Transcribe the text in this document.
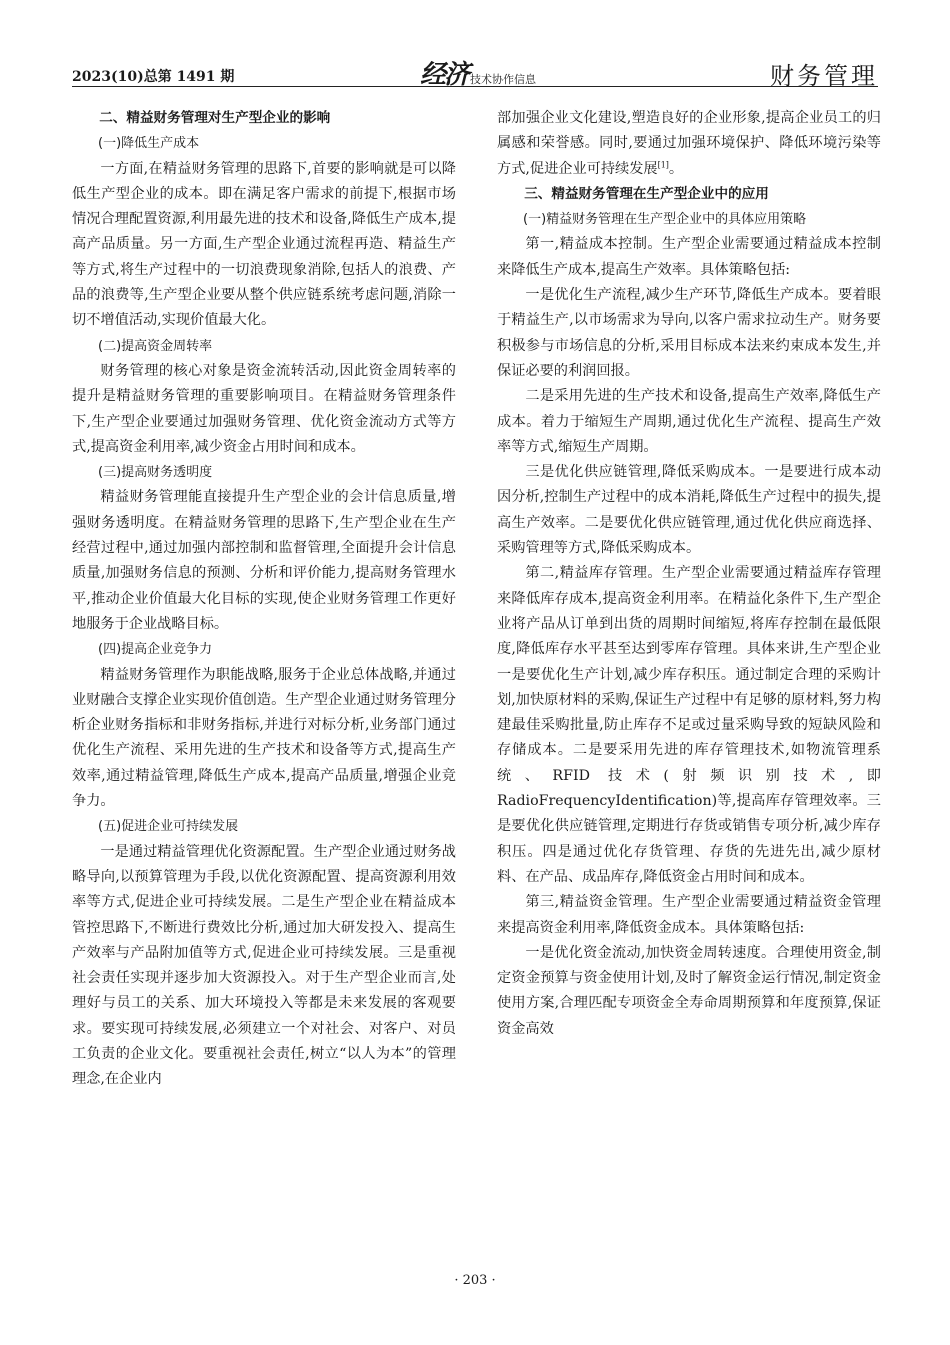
2023(10)总第 1491 期	经济 技术协作信息	财务管理

二、精益财务管理对生产型企业的影响

(一)降低生产成本

一方面,在精益财务管理的思路下,首要的影响就是可以降低生产型企业的成本。即在满足客户需求的前提下,根据市场情况合理配置资源,利用最先进的技术和设备,降低生产成本,提高产品质量。另一方面,生产型企业通过流程再造、精益生产等方式,将生产过程中的一切浪费现象消除,包括人的浪费、产品的浪费等,生产型企业要从整个供应链系统考虑问题,消除一切不增值活动,实现价值最大化。

(二)提高资金周转率

财务管理的核心对象是资金流转活动,因此资金周转率的提升是精益财务管理的重要影响项目。在精益财务管理条件下,生产型企业要通过加强财务管理、优化资金流动方式等方式,提高资金利用率,减少资金占用时间和成本。

(三)提高财务透明度

精益财务管理能直接提升生产型企业的会计信息质量,增强财务透明度。在精益财务管理的思路下,生产型企业在生产经营过程中,通过加强内部控制和监督管理,全面提升会计信息质量,加强财务信息的预测、分析和评价能力,提高财务管理水平,推动企业价值最大化目标的实现,使企业财务管理工作更好地服务于企业战略目标。

(四)提高企业竞争力

精益财务管理作为职能战略,服务于企业总体战略,并通过业财融合支撑企业实现价值创造。生产型企业通过财务管理分析企业财务指标和非财务指标,并进行对标分析,业务部门通过优化生产流程、采用先进的生产技术和设备等方式,提高生产效率,通过精益管理,降低生产成本,提高产品质量,增强企业竞争力。

(五)促进企业可持续发展

一是通过精益管理优化资源配置。生产型企业通过财务战略导向,以预算管理为手段,以优化资源配置、提高资源利用效率等方式,促进企业可持续发展。二是生产型企业在精益成本管控思路下,不断进行费效比分析,通过加大研发投入、提高生产效率与产品附加值等方式,促进企业可持续发展。三是重视社会责任实现并逐步加大资源投入。对于生产型企业而言,处理好与员工的关系、加大环境投入等都是未来发展的客观要求。要实现可持续发展,必须建立一个对社会、对客户、对员工负责的企业文化。要重视社会责任,树立“以人为本”的管理理念,在企业内

部加强企业文化建设,塑造良好的企业形象,提高企业员工的归属感和荣誉感。同时,要通过加强环境保护、降低环境污染等方式,促进企业可持续发展[1]。

三、精益财务管理在生产型企业中的应用

(一)精益财务管理在生产型企业中的具体应用策略

第一,精益成本控制。生产型企业需要通过精益成本控制来降低生产成本,提高生产效率。具体策略包括:

一是优化生产流程,减少生产环节,降低生产成本。要着眼于精益生产,以市场需求为导向,以客户需求拉动生产。财务要积极参与市场信息的分析,采用目标成本法来约束成本发生,并保证必要的利润回报。

二是采用先进的生产技术和设备,提高生产效率,降低生产成本。着力于缩短生产周期,通过优化生产流程、提高生产效率等方式,缩短生产周期。

三是优化供应链管理,降低采购成本。一是要进行成本动因分析,控制生产过程中的成本消耗,降低生产过程中的损失,提高生产效率。二是要优化供应链管理,通过优化供应商选择、采购管理等方式,降低采购成本。

第二,精益库存管理。生产型企业需要通过精益库存管理来降低库存成本,提高资金利用率。在精益化条件下,生产型企业将产品从订单到出货的周期时间缩短,将库存控制在最低限度,降低库存水平甚至达到零库存管理。具体来讲,生产型企业一是要优化生产计划,减少库存积压。通过制定合理的采购计划,加快原材料的采购,保证生产过程中有足够的原材料,努力构建最佳采购批量,防止库存不足或过量采购导致的短缺风险和存储成本。二是要采用先进的库存管理技术,如物流管理系统、RFID 技术(射频识别技术,即 RadioFrequencyIdentification)等,提高库存管理效率。三是要优化供应链管理,定期进行存货或销售专项分析,减少库存积压。四是通过优化存货管理、存货的先进先出,减少原材料、在产品、成品库存,降低资金占用时间和成本。

第三,精益资金管理。生产型企业需要通过精益资金管理来提高资金利用率,降低资金成本。具体策略包括:

一是优化资金流动,加快资金周转速度。合理使用资金,制定资金预算与资金使用计划,及时了解资金运行情况,制定资金使用方案,合理匹配专项资金全寿命周期预算和年度预算,保证资金高效

· 203 ·
